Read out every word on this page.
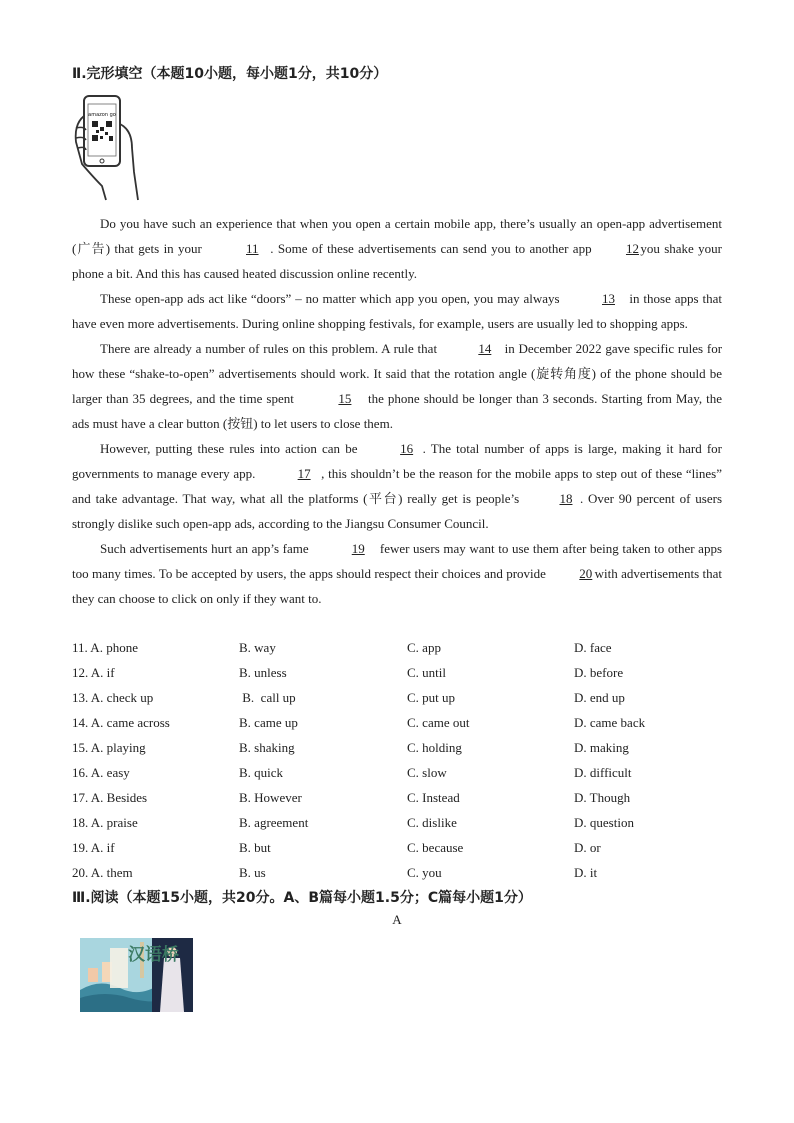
Ⅱ.完形填空（本题10小题，每小题1分，共10分）
amazon go

Do you have such an experience that when you open a certain mobile app, there’s usually an open-app advertisement (广告) that gets in your	11 . Some of these advertisements can send you to another app	12 you shake your phone a bit. And this has caused heated discussion online recently.

These open-app ads act like “doors” – no matter which app you open, you may always	13 in those apps that have even more advertisements. During online shopping festivals, for example, users are usually led to shopping apps.

There are already a number of rules on this problem. A rule that	14 in December 2022 gave specific rules for how these “shake-to-open” advertisements should work. It said that the rotation angle (旋转角度) of the phone should be larger than 35 degrees, and the time spent	15 the phone should be longer than 3 seconds. Starting from May, the ads must have a clear button (按钮) to let users to close them.

However, putting these rules into action can be	16 . The total number of apps is large, making it hard for governments to manage every app.	17 , this shouldn’t be the reason for the mobile apps to step out of these “lines” and take advantage. That way, what all the platforms (平台) really get is people’s	18 . Over 90 percent of users strongly dislike such open-app ads, according to the Jiangsu Consumer Council.

Such advertisements hurt an app’s fame	19 fewer users may want to use them after being taken to other apps too many times. To be accepted by users, the apps should respect their choices and provide	20 with advertisements that they can choose to click on only if they want to.

11. A. phone	B. way	C. app	D. face
12. A. if	B. unless	C. until	D. before
13. A. check up	B.  call up	C. put up	D. end up
14. A. came across	B. came up	C. came out	D. came back
15. A. playing	B. shaking	C. holding	D. making
16. A. easy	B. quick	C. slow	D. difficult
17. A. Besides	B. However	C. Instead	D. Though
18. A. praise	B. agreement	C. dislike	D. question
19. A. if	B. but	C. because	D. or
20. A. them	B. us	C. you	D. it
Ⅲ.阅读（本题15小题，共20分。A、B篇每小题1.5分；C篇每小题1分）
A
汉语桥
